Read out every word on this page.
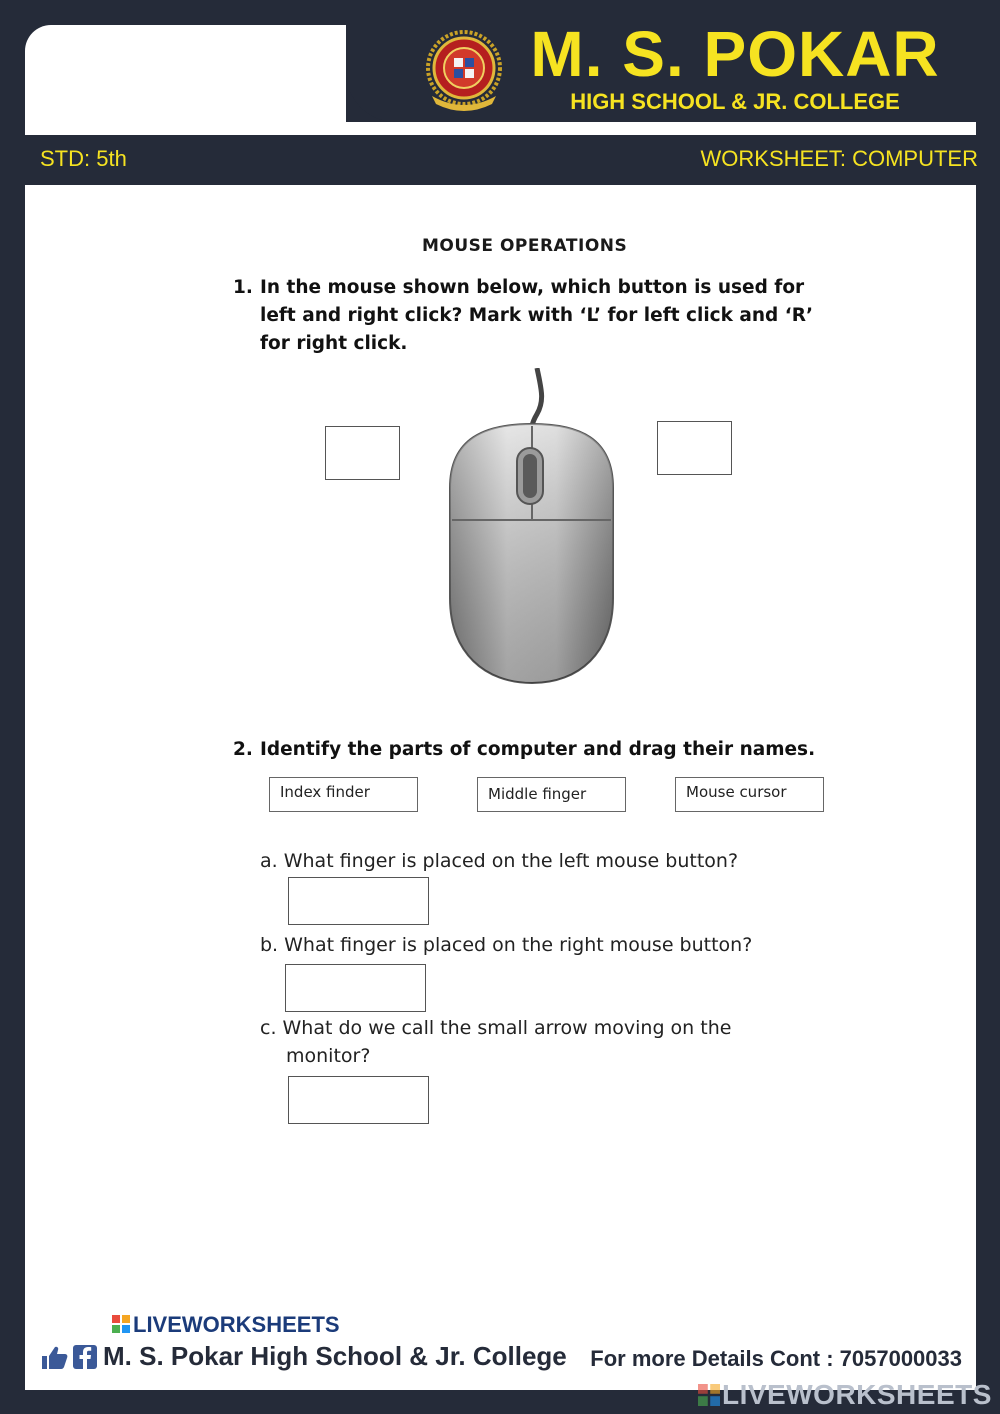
M. S. POKAR
HIGH SCHOOL & JR. COLLEGE
STD: 5th	WORKSHEET: COMPUTER
MOUSE OPERATIONS
1. In the mouse shown below, which button is used for
left and right click? Mark with ‘L’ for left click and ‘R’
for right click.
2. Identify the parts of computer and drag their names.
Index finder	Middle finger	Mouse cursor
a. What finger is placed on the left mouse button?
b. What finger is placed on the right mouse button?
c. What do we call the small arrow moving on the
monitor?
LIVEWORKSHEETS
M. S. Pokar High School & Jr. College For more Details Cont : 7057000033
LIVEWORKSHEETS
